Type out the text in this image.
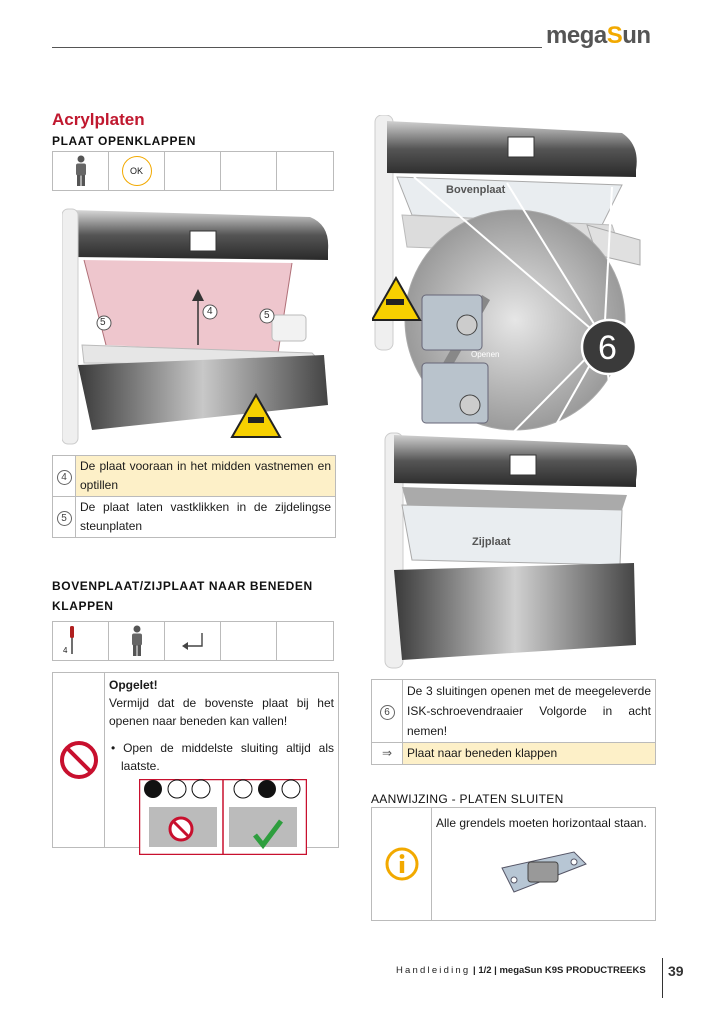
megaSun
Acrylplaten
PLAAT OPENKLAPPEN
OK
5
4	5
4	De plaat vooraan in het midden vastnemen en optillen
5	De plaat laten vastklikken in de zijdelingse steunplaten
BOVENPLAAT/ZIJPLAAT NAAR BENEDEN
KLAPPEN
4
Opgelet!
Vermijd dat de bovenste plaat bij het openen naar beneden kan vallen!
• Open de middelste sluiting altijd als laatste.
Bovenplaat
Zijplaat
6
Openen
Sluiten
6	De 3 sluitingen openen met de meegeleverde ISK-schroevendraaier Volgorde in acht nemen!
⇒	Plaat naar beneden klappen
AANWIJZING - PLATEN SLUITEN
Alle grendels moeten horizontaal staan.
Handleiding | 1/2 | megaSun K9S PRODUCTREEKS 39
